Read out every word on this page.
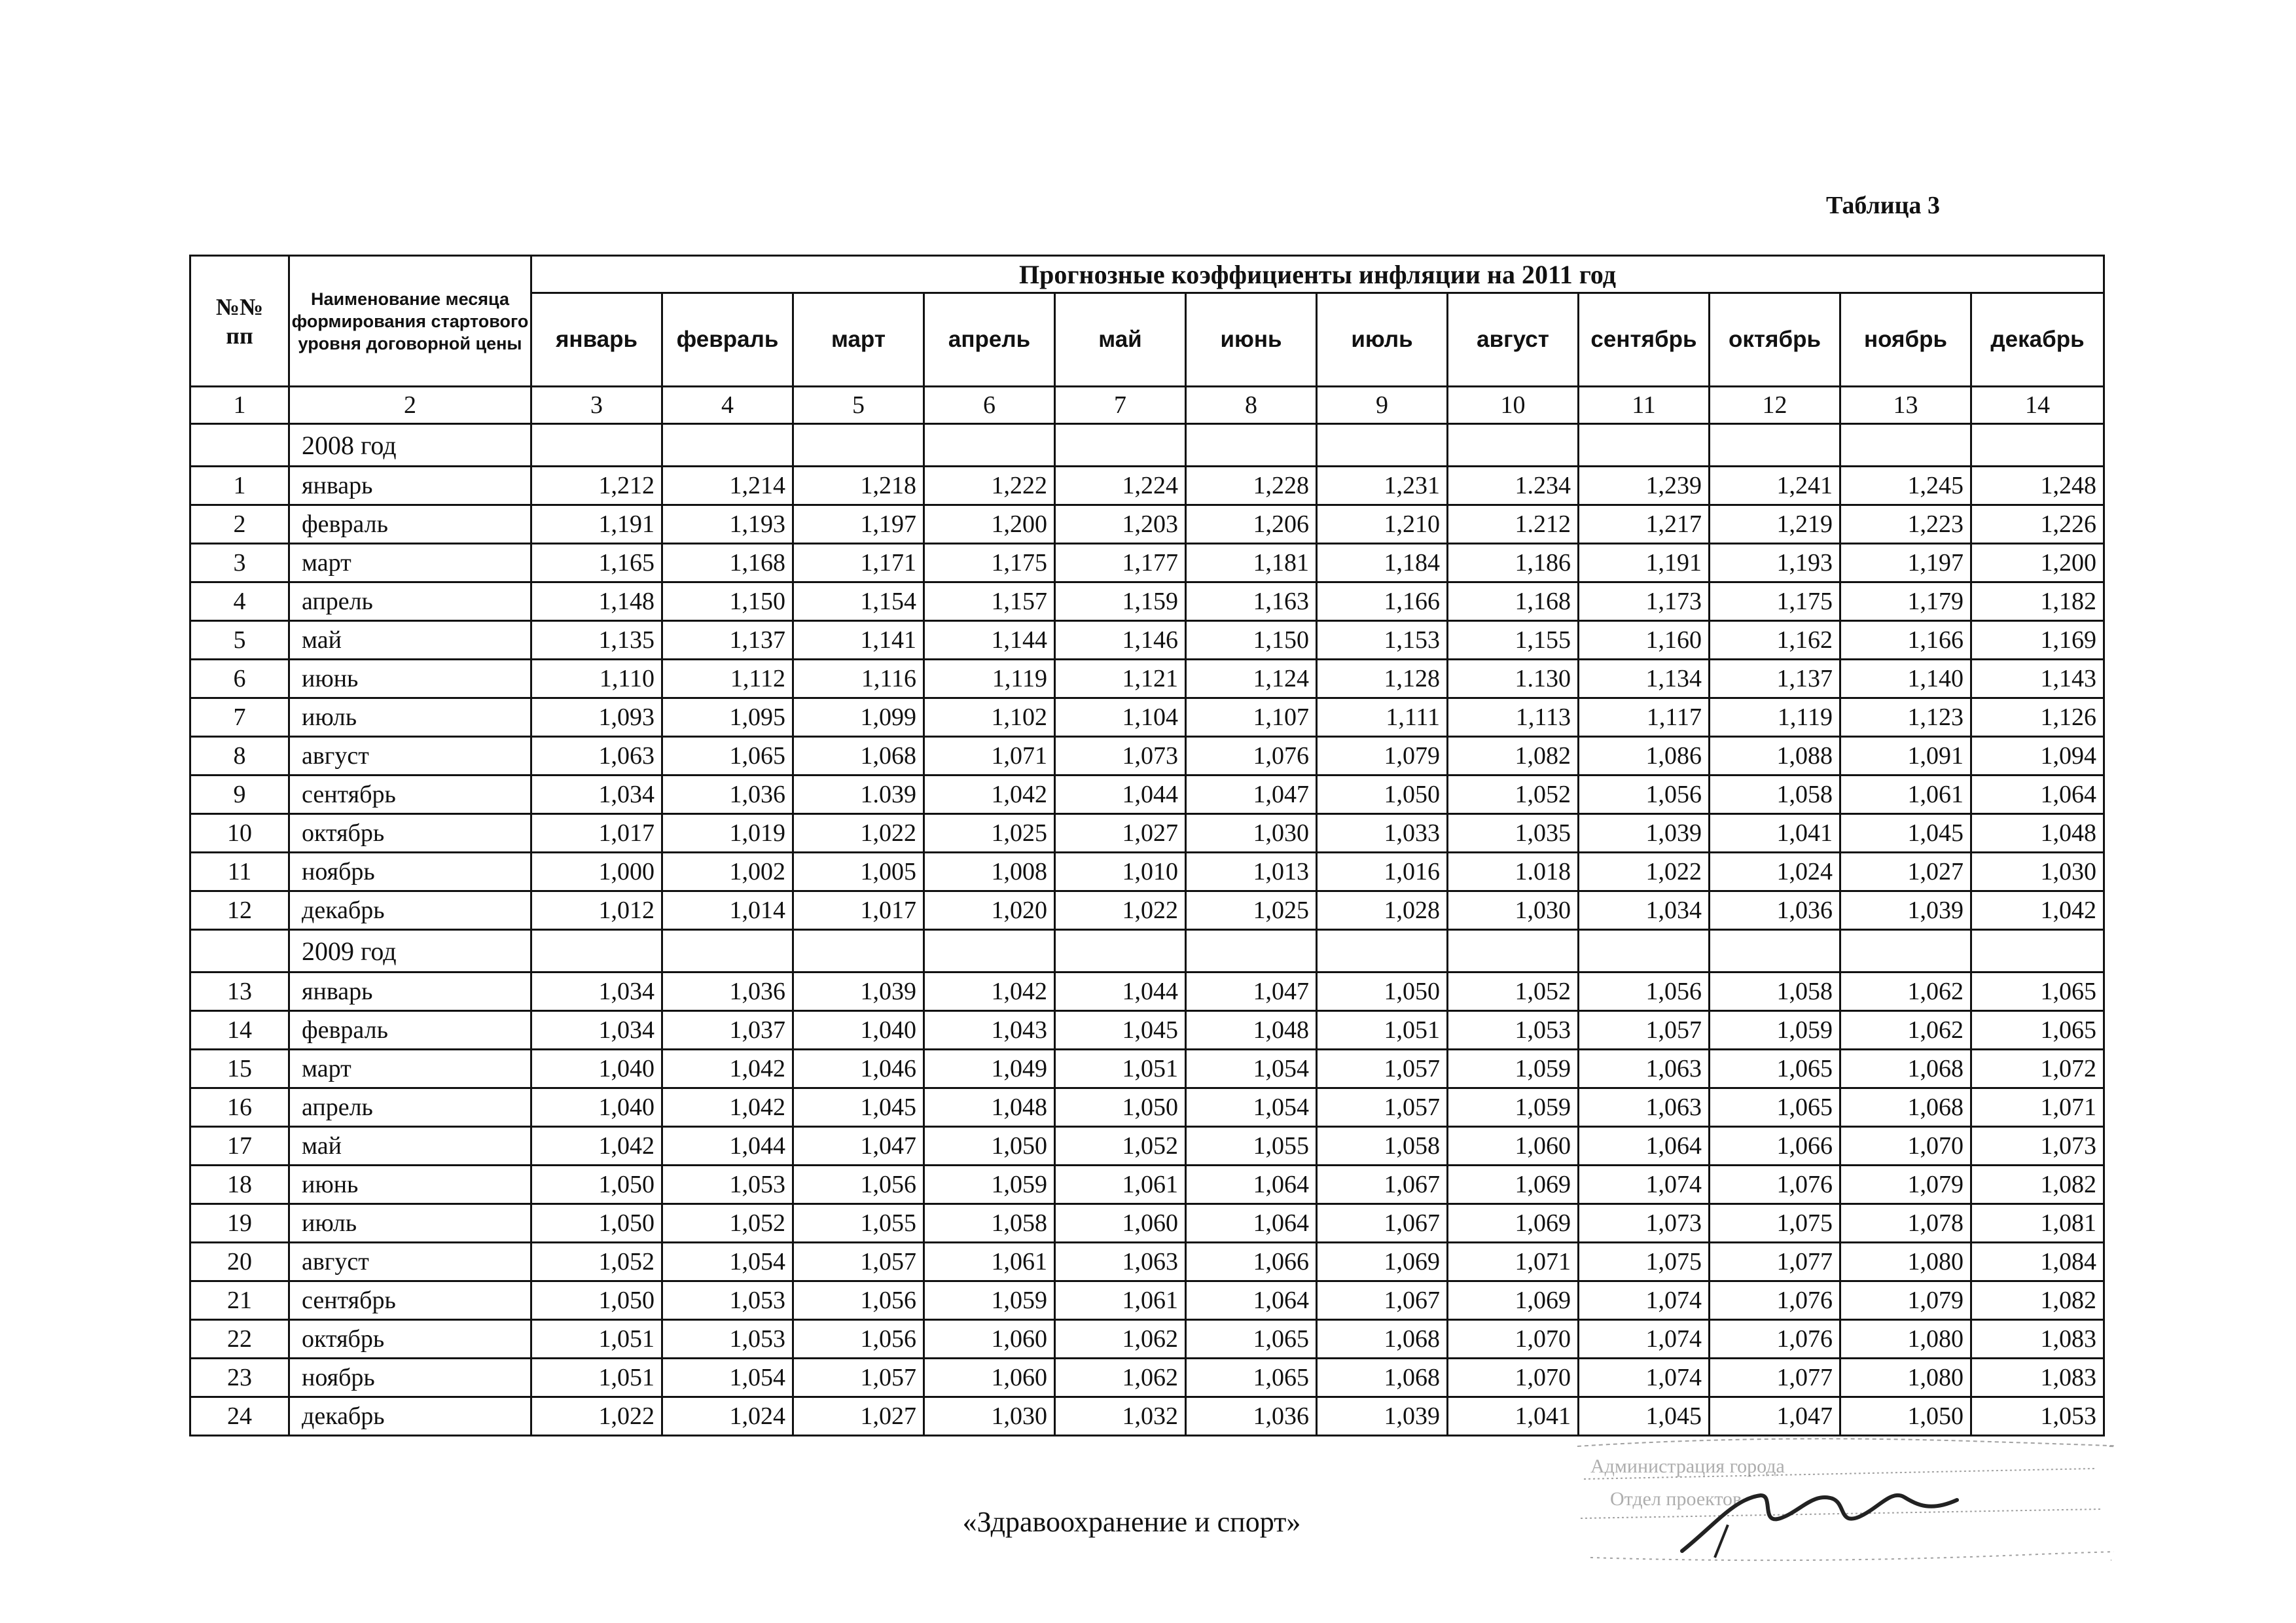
Таблица 3
№№
пп	Наименование месяца формирования стартового уровня договорной цены	Прогнозные коэффициенты инфляции на 2011 год											
		январь	февраль	март	апрель	май	июнь	июль	август	сентябрь	октябрь	ноябрь	декабрь
1	2	3	4	5	6	7	8	9	10	11	12	13	14
	2008 год												
1	январь	1,212	1,214	1,218	1,222	1,224	1,228	1,231	1.234	1,239	1,241	1,245	1,248
2	февраль	1,191	1,193	1,197	1,200	1,203	1,206	1,210	1.212	1,217	1,219	1,223	1,226
3	март	1,165	1,168	1,171	1,175	1,177	1,181	1,184	1,186	1,191	1,193	1,197	1,200
4	апрель	1,148	1,150	1,154	1,157	1,159	1,163	1,166	1,168	1,173	1,175	1,179	1,182
5	май	1,135	1,137	1,141	1,144	1,146	1,150	1,153	1,155	1,160	1,162	1,166	1,169
6	июнь	1,110	1,112	1,116	1,119	1,121	1,124	1,128	1.130	1,134	1,137	1,140	1,143
7	июль	1,093	1,095	1,099	1,102	1,104	1,107	1,111	1,113	1,117	1,119	1,123	1,126
8	август	1,063	1,065	1,068	1,071	1,073	1,076	1,079	1,082	1,086	1,088	1,091	1,094
9	сентябрь	1,034	1,036	1.039	1,042	1,044	1,047	1,050	1,052	1,056	1,058	1,061	1,064
10	октябрь	1,017	1,019	1,022	1,025	1,027	1,030	1,033	1,035	1,039	1,041	1,045	1,048
11	ноябрь	1,000	1,002	1,005	1,008	1,010	1,013	1,016	1.018	1,022	1,024	1,027	1,030
12	декабрь	1,012	1,014	1,017	1,020	1,022	1,025	1,028	1,030	1,034	1,036	1,039	1,042
	2009 год												
13	январь	1,034	1,036	1,039	1,042	1,044	1,047	1,050	1,052	1,056	1,058	1,062	1,065
14	февраль	1,034	1,037	1,040	1,043	1,045	1,048	1,051	1,053	1,057	1,059	1,062	1,065
15	март	1,040	1,042	1,046	1,049	1,051	1,054	1,057	1,059	1,063	1,065	1,068	1,072
16	апрель	1,040	1,042	1,045	1,048	1,050	1,054	1,057	1,059	1,063	1,065	1,068	1,071
17	май	1,042	1,044	1,047	1,050	1,052	1,055	1,058	1,060	1,064	1,066	1,070	1,073
18	июнь	1,050	1,053	1,056	1,059	1,061	1,064	1,067	1,069	1,074	1,076	1,079	1,082
19	июль	1,050	1,052	1,055	1,058	1,060	1,064	1,067	1,069	1,073	1,075	1,078	1,081
20	август	1,052	1,054	1,057	1,061	1,063	1,066	1,069	1,071	1,075	1,077	1,080	1,084
21	сентябрь	1,050	1,053	1,056	1,059	1,061	1,064	1,067	1,069	1,074	1,076	1,079	1,082
22	октябрь	1,051	1,053	1,056	1,060	1,062	1,065	1,068	1,070	1,074	1,076	1,080	1,083
23	ноябрь	1,051	1,054	1,057	1,060	1,062	1,065	1,068	1,070	1,074	1,077	1,080	1,083
24	декабрь	1,022	1,024	1,027	1,030	1,032	1,036	1,039	1,041	1,045	1,047	1,050	1,053
«Здравоохранение и спорт»
Администрация города
Отдел проектов
